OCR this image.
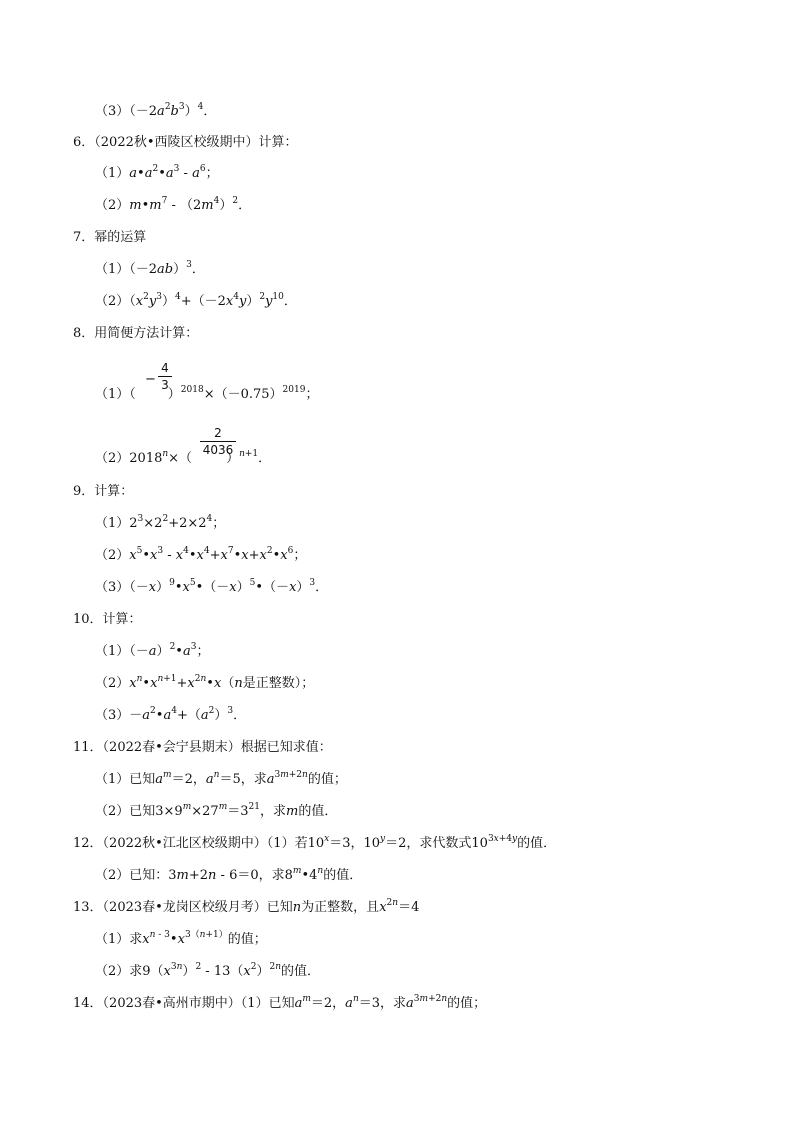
$(3)(-2a^2b^3)^4$．
6．（2022秋•西陵区校级期中）计算：
$(1)a•a^2•a^3 - a^6$；
$(2)m•m^7 - (2m^4)^2$．
7．幂的运算
$(1)(-2ab)^3$．
$(2)(x^2y^3)^4+(-2x^4y)^2y^{10}$．
8．用简便方法计算：
（1）（ ）$^{2018}\times(-0.75)^{2019}$；
−
4
3
$(2)2018^n\times$（	）$^{n+1}$．
2
4036
9．计算：
$(1)2^3\times 2^2+2\times 2^4$；
$(2)x^5•x^3$ - $x^4•x^4+x^7•x+x^2•x^6$；
$(3)(-x)^9•x^5•(-x)^5•(-x)^3$．
10．计算：
$(1)(-a)^2•a^3$；
$(2)x^n•x^{n+1}+x^{2n}•x(n$是正整数）；
$(3)-a^2•a^4+(a^2)^3$．
11．（2022春•会宁县期末）根据已知求值：
（1）已知$a^m=2$，$a^n=5$，求$a^{3m+2n}$的值；
（2）已知$3\times 9^m\times 27^m=3^{21}$，求m的值．
12．（2022秋•江北区校级期中）（1）若$10^x=3$，$10^y=2$，求代数式$10^{3x+4y}$的值．
（2）已知：3m+2n - 6＝0，求8$^m$•4$^n$的值．
13．（2023春•龙岗区校级月考）已知n为正整数，且$x^{2n}=4$
（1）求$x^{n - 3}•x^{3(n+1)}$的值；
（2）求$9(x^{3n})^2 - 13(x^2)^{2n}$的值．
14．（2023春•高州市期中）（1）已知$a^m=2$，$a^n=3$，求$a^{3m+2n}$的值；
